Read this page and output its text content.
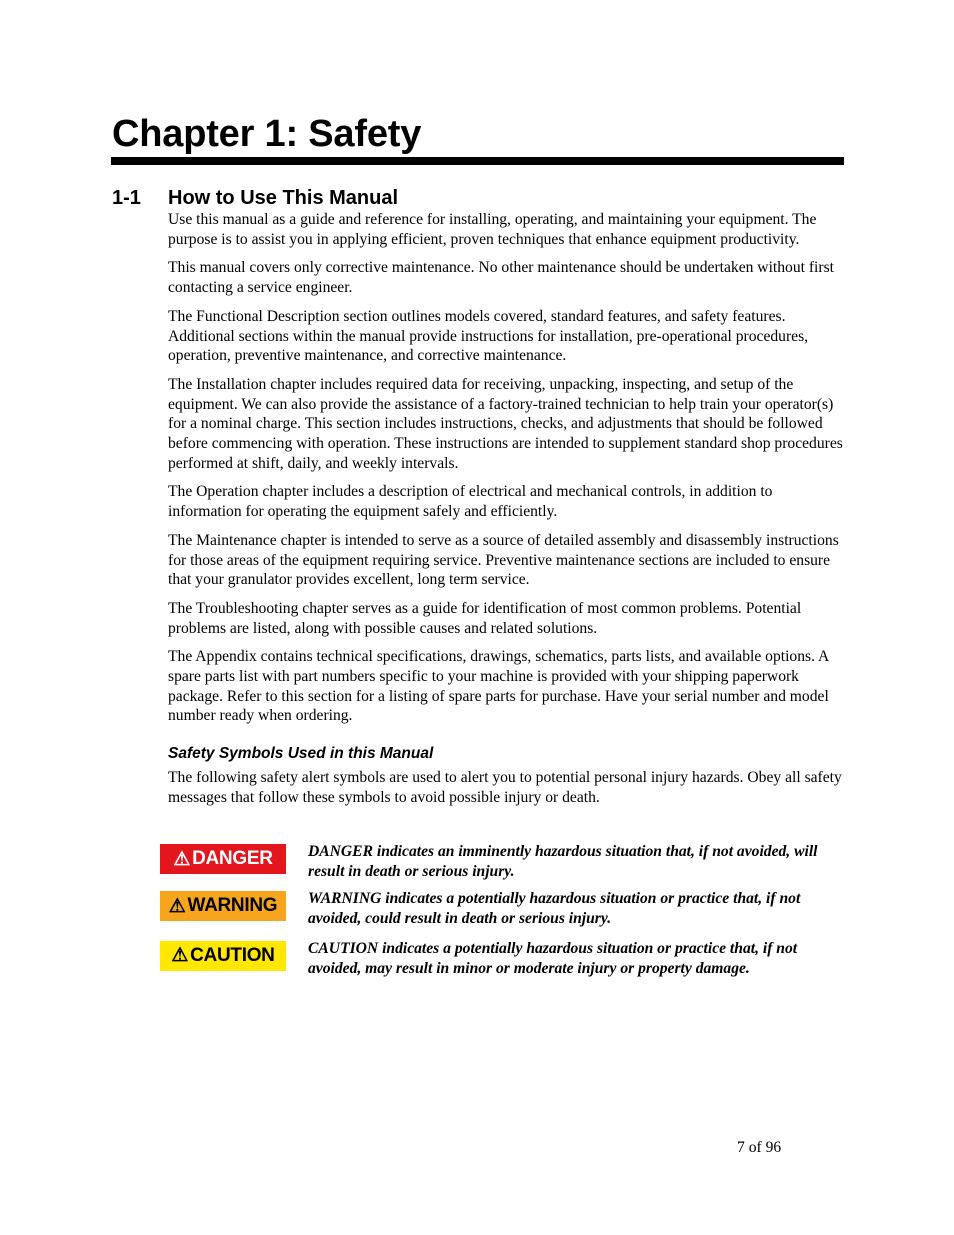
Chapter 1: Safety
1-1 How to Use This Manual

Use this manual as a guide and reference for installing, operating, and maintaining your equipment. The purpose is to assist you in applying efficient, proven techniques that enhance equipment productivity.

This manual covers only corrective maintenance. No other maintenance should be undertaken without first contacting a service engineer.

The Functional Description section outlines models covered, standard features, and safety features. Additional sections within the manual provide instructions for installation, pre-operational procedures, operation, preventive maintenance, and corrective maintenance.

The Installation chapter includes required data for receiving, unpacking, inspecting, and setup of the equipment. We can also provide the assistance of a factory-trained technician to help train your operator(s) for a nominal charge. This section includes instructions, checks, and adjustments that should be followed before commencing with operation. These instructions are intended to supplement standard shop procedures performed at shift, daily, and weekly intervals.

The Operation chapter includes a description of electrical and mechanical controls, in addition to information for operating the equipment safely and efficiently.

The Maintenance chapter is intended to serve as a source of detailed assembly and disassembly instructions for those areas of the equipment requiring service. Preventive maintenance sections are included to ensure that your granulator provides excellent, long term service.

The Troubleshooting chapter serves as a guide for identification of most common problems. Potential problems are listed, along with possible causes and related solutions.

The Appendix contains technical specifications, drawings, schematics, parts lists, and available options. A spare parts list with part numbers specific to your machine is provided with your shipping paperwork package. Refer to this section for a listing of spare parts for purchase. Have your serial number and model number ready when ordering.

Safety Symbols Used in this Manual

The following safety alert symbols are used to alert you to potential personal injury hazards. Obey all safety messages that follow these symbols to avoid possible injury or death.

⚠ DANGER DANGER indicates an imminently hazardous situation that, if not avoided, will result in death or serious injury.
⚠ WARNING WARNING indicates a potentially hazardous situation or practice that, if not avoided, could result in death or serious injury.
⚠ CAUTION CAUTION indicates a potentially hazardous situation or practice that, if not avoided, may result in minor or moderate injury or property damage.
7 of 96
